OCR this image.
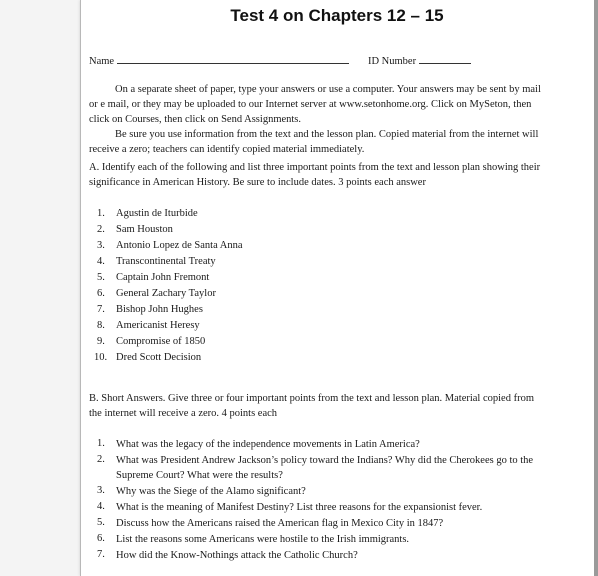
Test 4 on Chapters 12 – 15
Name	ID Number
On a separate sheet of paper, type your answers or use a computer. Your answers may be sent by mail or e mail, or they may be uploaded to our Internet server at www.setonhome.org. Click on MySeton, then click on Courses, then click on Send Assignments.
Be sure you use information from the text and the lesson plan. Copied material from the internet will receive a zero; teachers can identify copied material immediately.
A. Identify each of the following and list three important points from the text and lesson plan showing their significance in American History. Be sure to include dates. 3 points each answer
1.	Agustin de Iturbide
2.	Sam Houston
3.	Antonio Lopez de Santa Anna
4.	Transcontinental Treaty
5.	Captain John Fremont
6.	General Zachary Taylor
7.	Bishop John Hughes
8.	Americanist Heresy
9.	Compromise of 1850
10. Dred Scott Decision
B. Short Answers. Give three or four important points from the text and lesson plan. Material copied from the internet will receive a zero. 4 points each
1.	What was the legacy of the independence movements in Latin America?
2.	What was President Andrew Jackson’s policy toward the Indians? Why did the Cherokees go to the Supreme Court? What were the results?
3.	Why was the Siege of the Alamo significant?
4.	What is the meaning of Manifest Destiny? List three reasons for the expansionist fever.
5.	Discuss how the Americans raised the American flag in Mexico City in 1847?
6.	List the reasons some Americans were hostile to the Irish immigrants.
7.	How did the Know-Nothings attack the Catholic Church?
